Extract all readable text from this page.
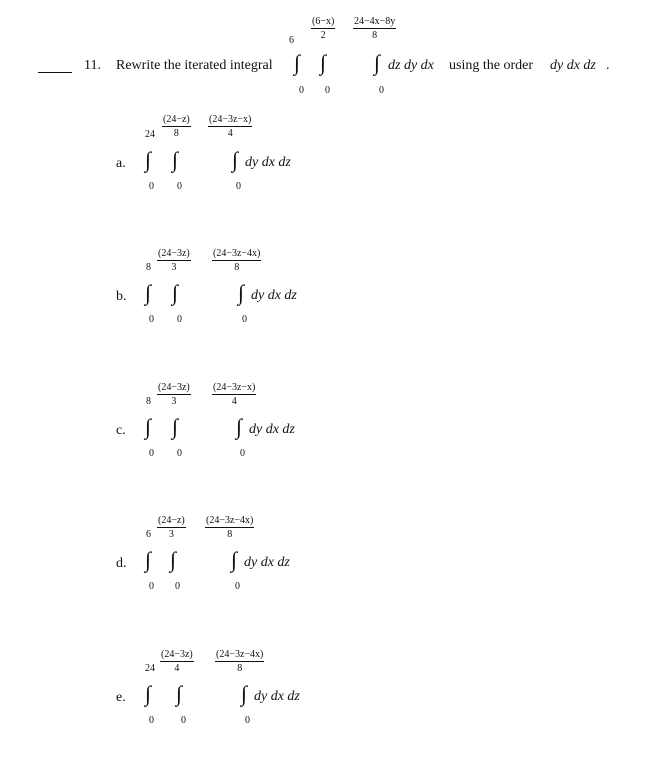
11. Rewrite the iterated integral
6
∫
0
$\frac{(6-x)}{2}$
∫
0
$\frac{24-4x-8y}{8}$
∫
0
dz dy dx using the order dy dx dz .
a.
24
∫
0
$\frac{(24-z)}{8}$
∫
0
$\frac{(24-3z-x)}{4}$
∫
0
dy dx dz
b.
8
∫
0
$\frac{(24-3z)}{3}$
∫
0
$\frac{(24-3z-4x)}{8}$
∫
0
dy dx dz
c.
8
∫
0
$\frac{(24-3z)}{3}$
∫
0
$\frac{(24-3z-x)}{4}$
∫
0
dy dx dz
d.
6
∫
0
$\frac{(24-z)}{3}$
∫
0
$\frac{(24-3z-4x)}{8}$
∫
0
dy dx dz
e.
24
∫
0
$\frac{(24-3z)}{4}$
∫
0
$\frac{(24-3z-4x)}{8}$
∫
0
dy dx dz
